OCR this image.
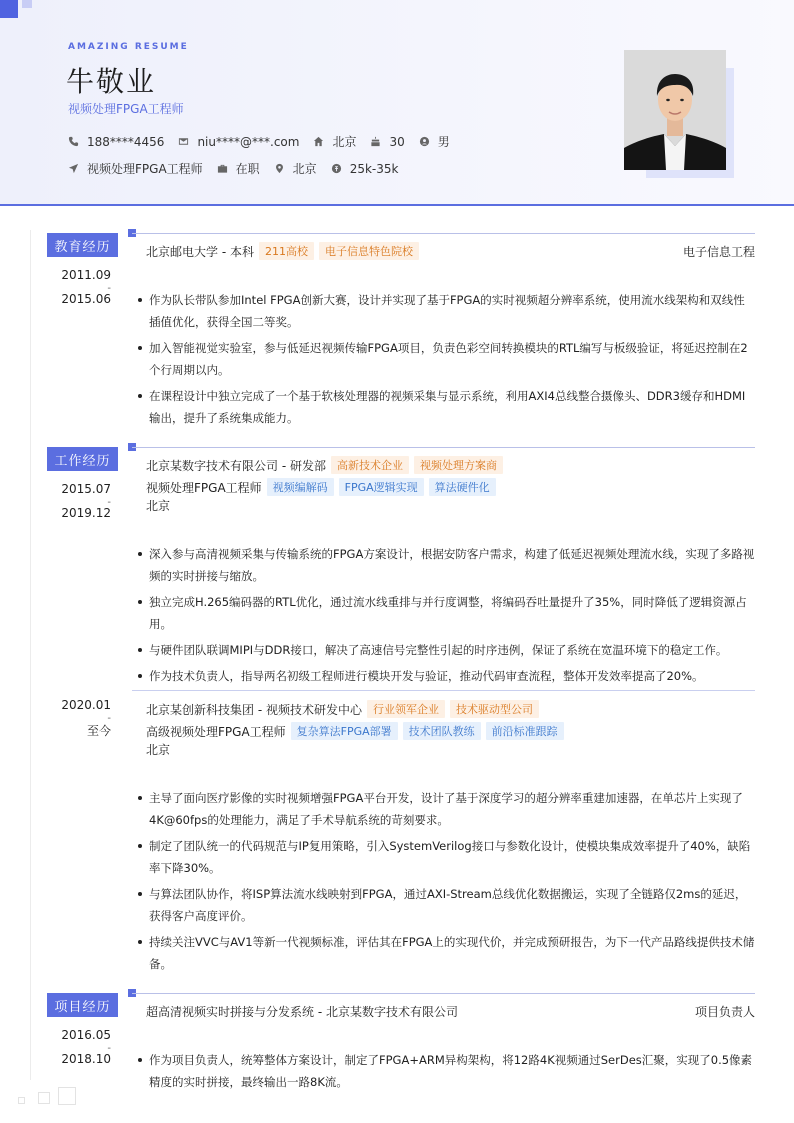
AMAZING RESUME
牛敬业
视频处理FPGA工程师
188****4456	niu****@***.com	北京	30	男
视频处理FPGA工程师	在职	北京	25k-35k
教育经历
2011.09
-
2015.06
北京邮电大学 - 本科	211高校	电子信息特色院校	电子信息工程
作为队长带队参加Intel FPGA创新大赛，设计并实现了基于FPGA的实时视频超分辨率系统，使用流水线架构和双线性插值优化，获得全国二等奖。
加入智能视觉实验室，参与低延迟视频传输FPGA项目，负责色彩空间转换模块的RTL编写与板级验证，将延迟控制在2个行周期以内。
在课程设计中独立完成了一个基于软核处理器的视频采集与显示系统，利用AXI4总线整合摄像头、DDR3缓存和HDMI输出，提升了系统集成能力。
工作经历
2015.07
-
2019.12
北京某数字技术有限公司 - 研发部	高新技术企业	视频处理方案商
视频处理FPGA工程师	视频编解码	FPGA逻辑实现	算法硬件化
北京
深入参与高清视频采集与传输系统的FPGA方案设计，根据安防客户需求，构建了低延迟视频处理流水线，实现了多路视频的实时拼接与缩放。
独立完成H.265编码器的RTL优化，通过流水线重排与并行度调整，将编码吞吐量提升了35%，同时降低了逻辑资源占用。
与硬件团队联调MIPI与DDR接口，解决了高速信号完整性引起的时序违例，保证了系统在宽温环境下的稳定工作。
作为技术负责人，指导两名初级工程师进行模块开发与验证，推动代码审查流程，整体开发效率提高了20%。
2020.01
-
至今
北京某创新科技集团 - 视频技术研发中心	行业领军企业	技术驱动型公司
高级视频处理FPGA工程师	复杂算法FPGA部署	技术团队教练	前沿标准跟踪
北京
主导了面向医疗影像的实时视频增强FPGA平台开发，设计了基于深度学习的超分辨率重建加速器，在单芯片上实现了4K@60fps的处理能力，满足了手术导航系统的苛刻要求。
制定了团队统一的代码规范与IP复用策略，引入SystemVerilog接口与参数化设计，使模块集成效率提升了40%，缺陷率下降30%。
与算法团队协作，将ISP算法流水线映射到FPGA，通过AXI-Stream总线优化数据搬运，实现了全链路仅2ms的延迟，获得客户高度评价。
持续关注VVC与AV1等新一代视频标准，评估其在FPGA上的实现代价，并完成预研报告，为下一代产品路线提供技术储备。
项目经历
2016.05
-
2018.10
超高清视频实时拼接与分发系统 - 北京某数字技术有限公司	项目负责人
作为项目负责人，统筹整体方案设计，制定了FPGA+ARM异构架构，将12路4K视频通过SerDes汇聚，实现了0.5像素精度的实时拼接，最终输出一路8K流。
